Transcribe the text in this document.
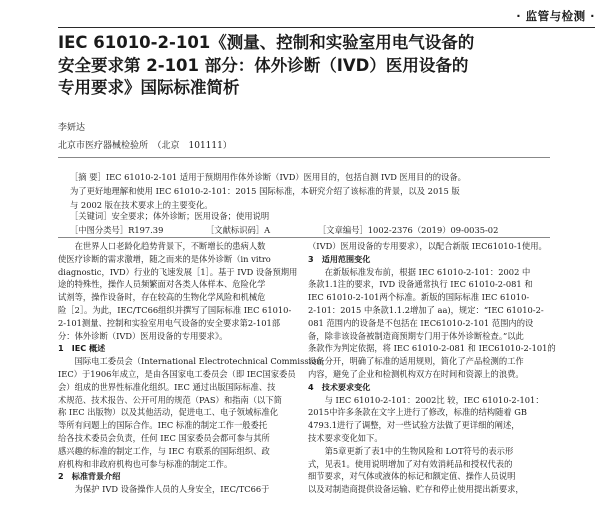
· 监管与检测 ·
IEC 61010-2-101《测量、控制和实验室用电气设备的
安全要求第 2-101 部分：体外诊断（IVD）医用设备的
专用要求》国际标准简析
李妍达
北京市医疗器械检验所　（北京　101111）
［摘 要］IEC 61010-2-101 适用于预期用作体外诊断（IVD）医用目的，包括自测 IVD 医用目的的设备。
为了更好地理解和使用 IEC 61010-2-101：2015 国际标准，本研究介绍了该标准的背景，以及 2015 版
与 2002 版在技术要求上的主要变化。
［关键词］安全要求；体外诊断；医用设备；使用说明
［中图分类号］R197.39	［文献标识码］A	［文章编号］1002-2376（2019）09-0035-02
　　在世界人口老龄化趋势背景下，不断增长的患病人数
使医疗诊断的需求激增，随之而来的是体外诊断（in vitro
diagnostic，IVD）行业的飞速发展［1］。基于 IVD 设备预期用
途的特殊性，操作人员频繁面对各类人体样本、危险化学
试剂等，操作设备时，存在较高的生物化学风险和机械危
险［2］。为此，IEC/TC66组织并撰写了国际标准 IEC 61010-
2-101测量、控制和实验室用电气设备的安全要求第2-101部
分：体外诊断（IVD）医用设备的专用要求》。
1　IEC 概述
　　国际电工委员会（International Electrotechnical Commission，
IEC）于1906年成立，是由各国家电工委员会（即 IEC国家委员
会）组成的世界性标准化组织。IEC 通过出版国际标准、技
术规范、技术报告、公开可用的规范（PAS）和指南（以下简
称 IEC 出版物）以及其他活动，促进电工、电子领域标准化
等所有问题上的国际合作。IEC 标准的制定工作一般委托
给各技术委员会负责，任何 IEC 国家委员会都可参与其所
感兴趣的标准的制定工作，与 IEC 有联系的国际组织、政
府机构和非政府机构也可参与标准的制定工作。
2　标准背景介绍
　　为保护 IVD 设备操作人员的人身安全，IEC/TC66于
（IVD）医用设备的专用要求），以配合新版 IEC61010-1使用。
3　适用范围变化
　　在新版标准发布前，根据 IEC 61010-2-101：2002 中
条款1.1注的要求，IVD 设备通常执行 IEC 61010-2-081 和
IEC 61010-2-101两个标准。新版的国际标准 IEC 61010-
2-101：2015 中条款1.1.2增加了 aa)，规定：“IEC 61010-2-
081 范围内的设备是不包括在 IEC61010-2-101 范围内的设
备，除非该设备被制造商预期专门用于体外诊断检查。”以此
条款作为判定依据，将 IEC 61010-2-081 和 IEC61010-2-101的
设备分开，明确了标准的适用规则，简化了产品检测的工作
内容，避免了企业和检测机构双方在时间和资源上的浪费。
4　技术要求变化
　　与 IEC 61010-2-101：2002比 较，IEC 61010-2-101：
2015中许多条款在文字上进行了修改，标准的结构随着 GB
4793.1进行了调整，对一些试验方法做了更详细的阐述，
技术要求变化如下。
　　第5章更新了表1中的生物风险和 LOT符号的表示形
式，见表1。使用说明增加了对有效消耗品和授权代表的
细节要求，对气体或液体的标记和额定值、操作人员说明
以及对制造商提供设备运输、贮存和停止使用提出新要求，
